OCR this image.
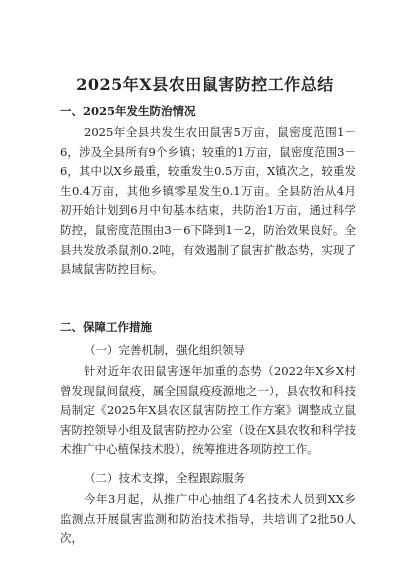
2025年X县农田鼠害防控工作总结
一、2025年发生防治情况

2025年全县共发生农田鼠害5万亩，鼠密度范围1－6，涉及全县所有9个乡镇；较重的1万亩，鼠密度范围3－6，其中以X乡最重，较重发生0.5万亩，X镇次之，较重发生0.4万亩，其他乡镇零星发生0.1万亩。全县防治从4月初开始计划到6月中旬基本结束，共防治1万亩，通过科学防控，鼠密度范围由3－6下降到1－2，防治效果良好。全县共发放杀鼠剂0.2吨，有效遏制了鼠害扩散态势，实现了县域鼠害防控目标。

二、保障工作措施
（一）完善机制，强化组织领导

针对近年农田鼠害逐年加重的态势（2022年X乡X村曾发现鼠间鼠疫，属全国鼠疫疫源地之一），县农牧和科技局制定《2025年X县农区鼠害防控工作方案》调整成立鼠害防控领导小组及鼠害防控办公室（设在X县农牧和科学技术推广中心植保技术股），统筹推进各项防控工作。

（二）技术支撑，全程跟踪服务

今年3月起，从推广中心抽组了4名技术人员到XX乡监测点开展鼠害监测和防治技术指导，共培训了2批50人次，
